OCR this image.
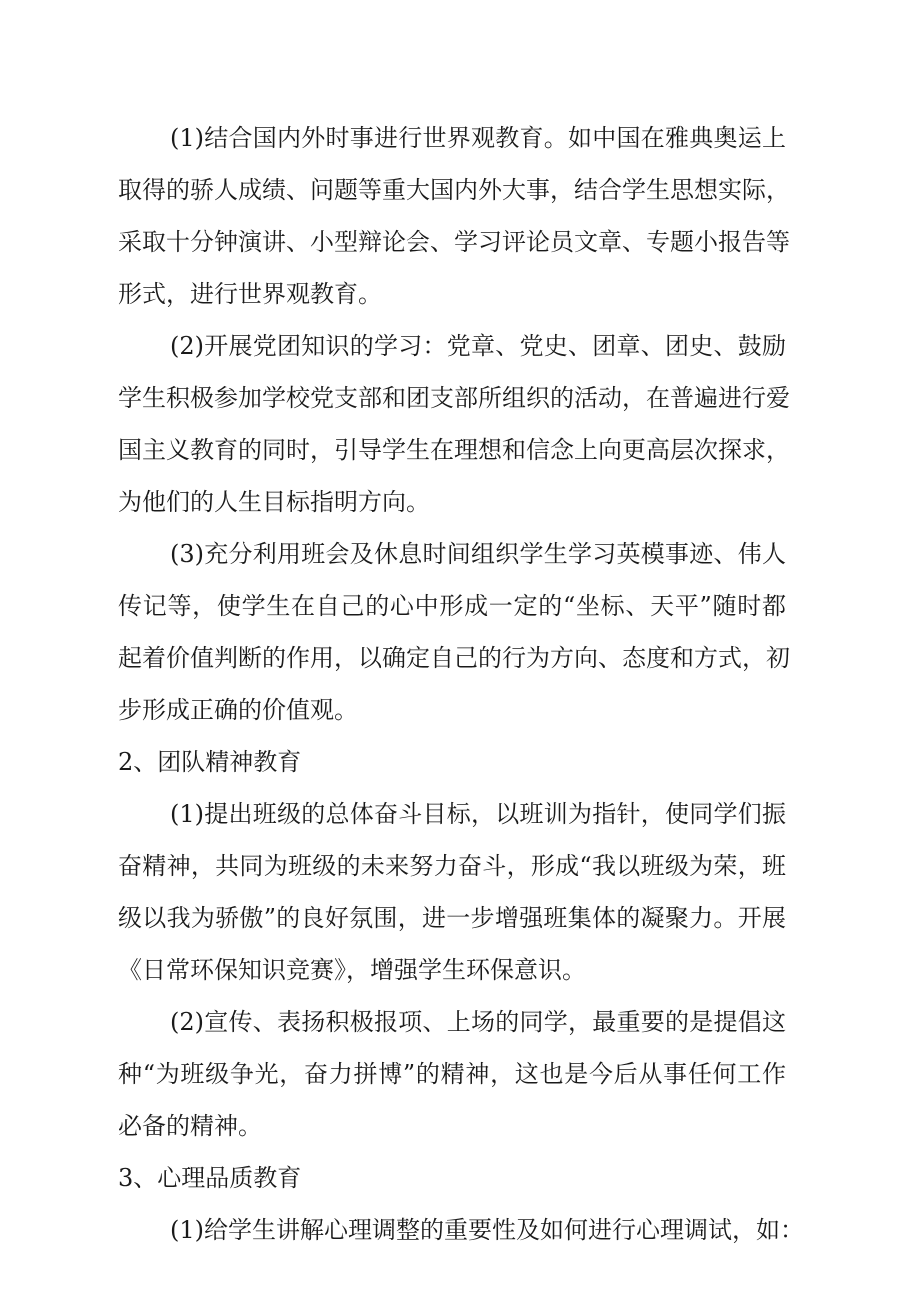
(1)结合国内外时事进行世界观教育。如中国在雅典奥运上
取得的骄人成绩、问题等重大国内外大事，结合学生思想实际，
采取十分钟演讲、小型辩论会、学习评论员文章、专题小报告等
形式，进行世界观教育。
(2)开展党团知识的学习：党章、党史、团章、团史、鼓励
学生积极参加学校党支部和团支部所组织的活动，在普遍进行爱
国主义教育的同时，引导学生在理想和信念上向更高层次探求，
为他们的人生目标指明方向。
(3)充分利用班会及休息时间组织学生学习英模事迹、伟人
传记等，使学生在自己的心中形成一定的“坐标、天平”随时都
起着价值判断的作用，以确定自己的行为方向、态度和方式，初
步形成正确的价值观。
2、团队精神教育
(1)提出班级的总体奋斗目标，以班训为指针，使同学们振
奋精神，共同为班级的未来努力奋斗，形成“我以班级为荣，班
级以我为骄傲”的良好氛围，进一步增强班集体的凝聚力。开展
《日常环保知识竞赛》，增强学生环保意识。
(2)宣传、表扬积极报项、上场的同学，最重要的是提倡这
种“为班级争光，奋力拼博”的精神，这也是今后从事任何工作
必备的精神。
3、心理品质教育
(1)给学生讲解心理调整的重要性及如何进行心理调试，如：
